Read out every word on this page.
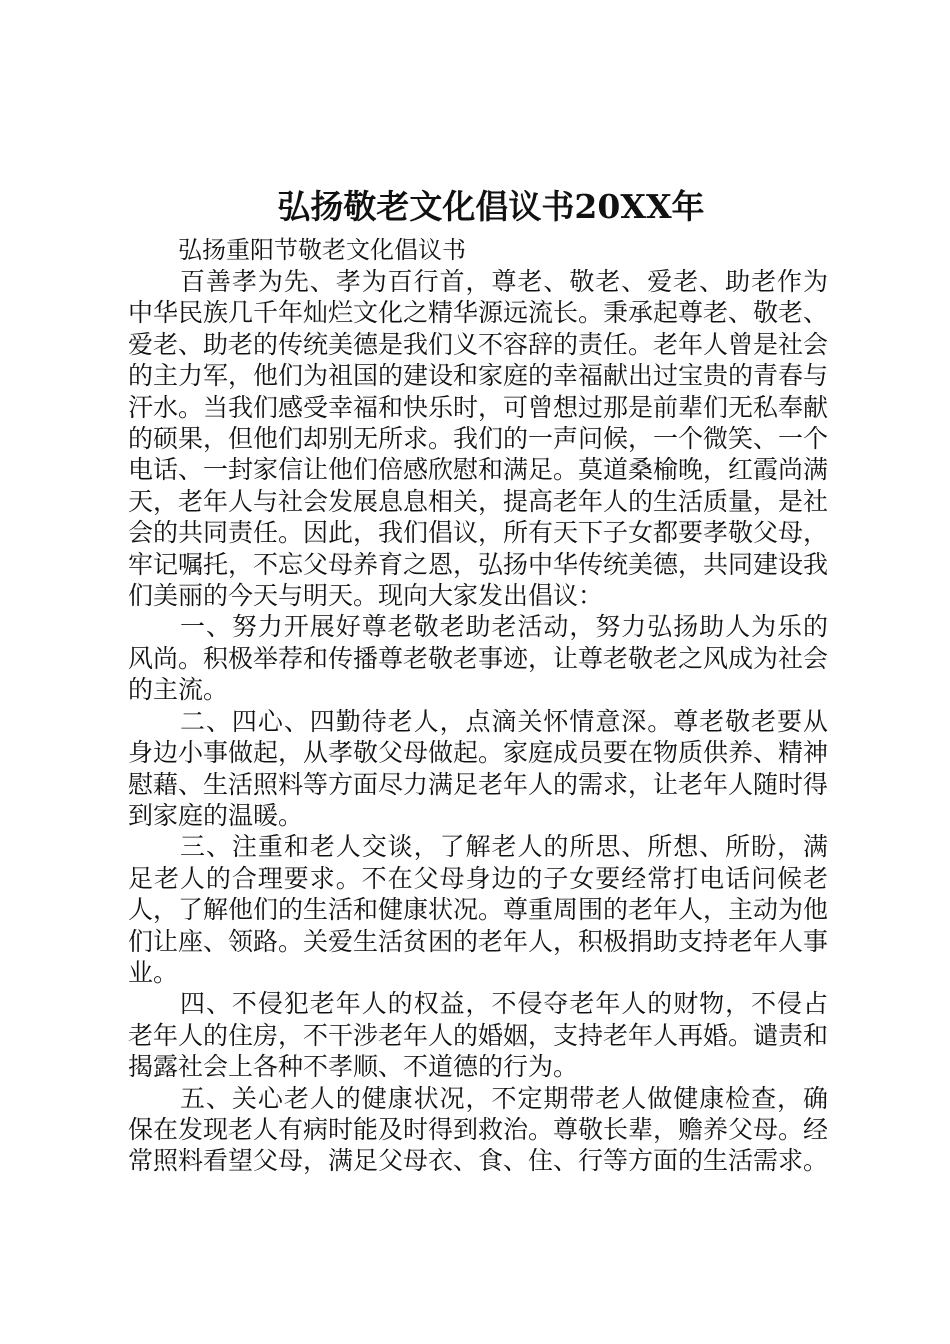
弘扬敬老文化倡议书20XX年

弘扬重阳节敬老文化倡议书

百善孝为先、孝为百行首，尊老、敬老、爱老、助老作为中华民族几千年灿烂文化之精华源远流长。秉承起尊老、敬老、爱老、助老的传统美德是我们义不容辞的责任。老年人曾是社会的主力军，他们为祖国的建设和家庭的幸福献出过宝贵的青春与汗水。当我们感受幸福和快乐时，可曾想过那是前辈们无私奉献的硕果，但他们却别无所求。我们的一声问候，一个微笑、一个电话、一封家信让他们倍感欣慰和满足。莫道桑榆晚，红霞尚满天，老年人与社会发展息息相关，提高老年人的生活质量，是社会的共同责任。因此，我们倡议，所有天下子女都要孝敬父母，牢记嘱托，不忘父母养育之恩，弘扬中华传统美德，共同建设我们美丽的今天与明天。现向大家发出倡议：

一、努力开展好尊老敬老助老活动，努力弘扬助人为乐的风尚。积极举荐和传播尊老敬老事迹，让尊老敬老之风成为社会的主流。

二、四心、四勤待老人，点滴关怀情意深。尊老敬老要从身边小事做起，从孝敬父母做起。家庭成员要在物质供养、精神慰藉、生活照料等方面尽力满足老年人的需求，让老年人随时得到家庭的温暖。

三、注重和老人交谈，了解老人的所思、所想、所盼，满足老人的合理要求。不在父母身边的子女要经常打电话问候老人，了解他们的生活和健康状况。尊重周围的老年人，主动为他们让座、领路。关爱生活贫困的老年人，积极捐助支持老年人事业。

四、不侵犯老年人的权益，不侵夺老年人的财物，不侵占老年人的住房，不干涉老年人的婚姻，支持老年人再婚。谴责和揭露社会上各种不孝顺、不道德的行为。

五、关心老人的健康状况，不定期带老人做健康检查，确保在发现老人有病时能及时得到救治。尊敬长辈，赡养父母。经常照料看望父母，满足父母衣、食、住、行等方面的生活需求。
